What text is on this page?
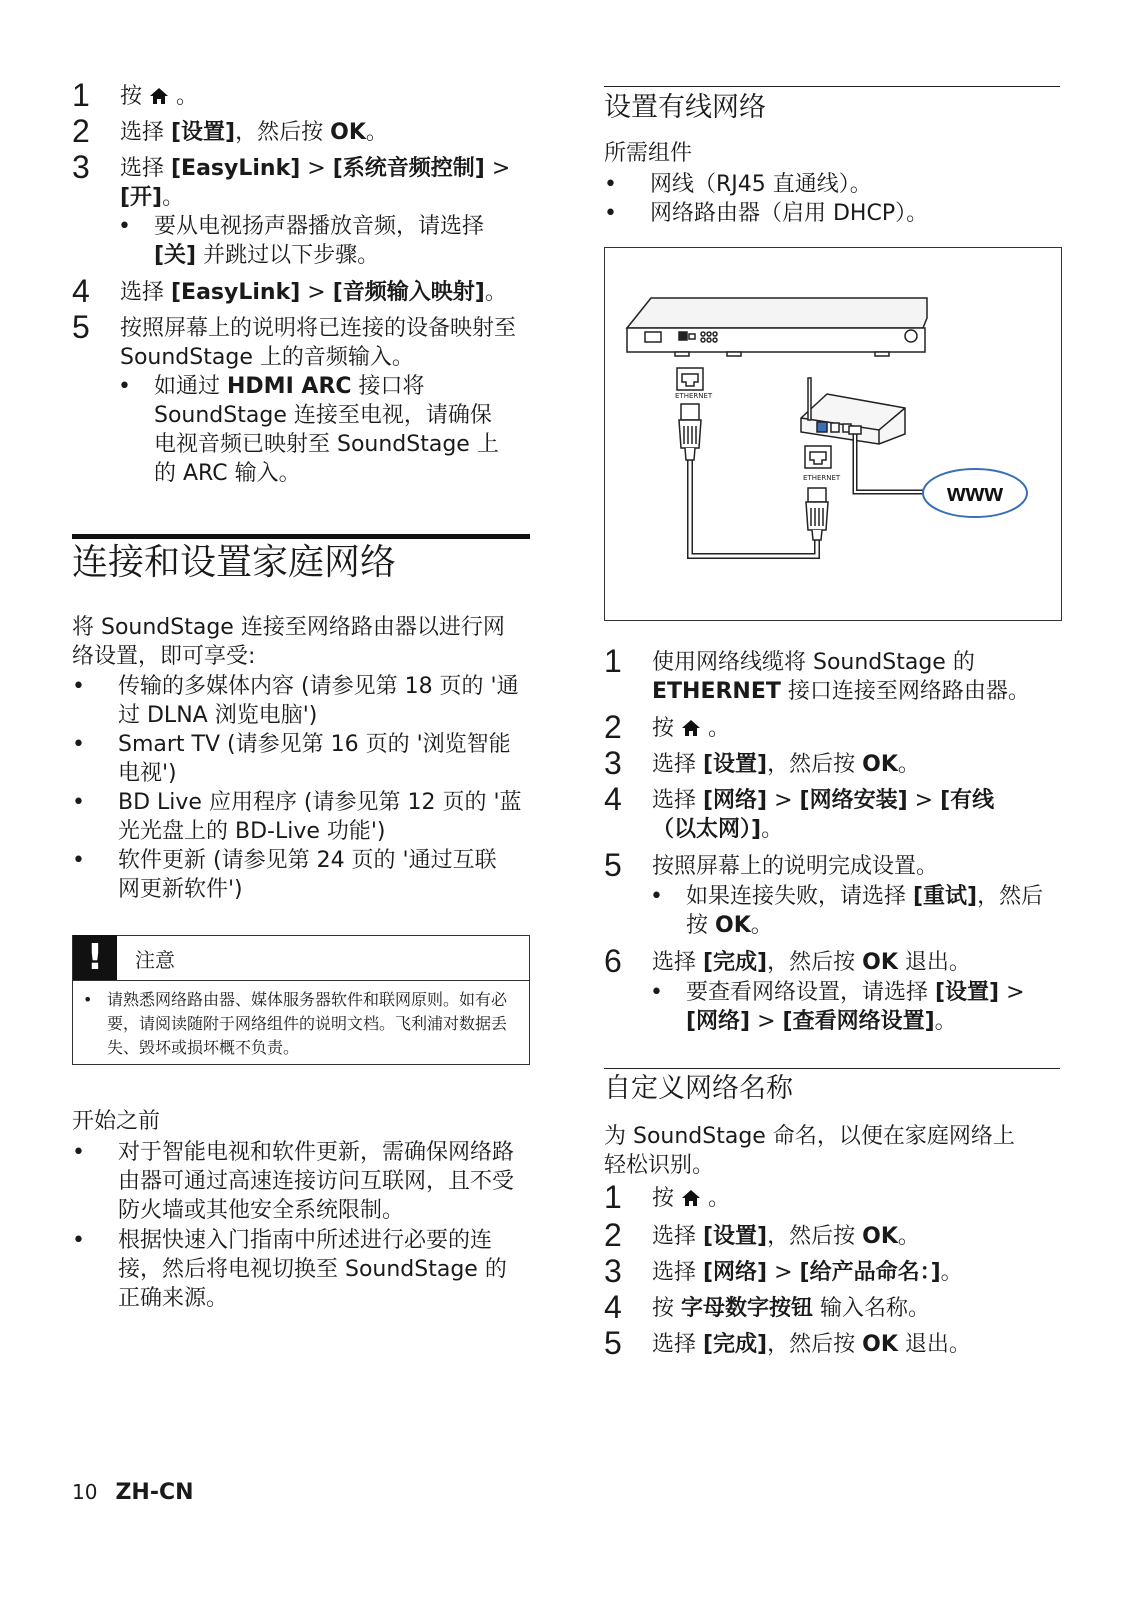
1 按  。
2 选择 [设置]，然后按 OK。
3 选择 [EasyLink] > [系统音频控制] > [开]。
• 要从电视扬声器播放音频，请选择 [关] 并跳过以下步骤。
4 选择 [EasyLink] > [音频输入映射]。
5 按照屏幕上的说明将已连接的设备映射至 SoundStage 上的音频输入。
• 如通过 HDMI ARC 接口将 SoundStage 连接至电视，请确保电视音频已映射至 SoundStage 上的 ARC 输入。
连接和设置家庭网络
将 SoundStage 连接至网络路由器以进行网络设置，即可享受:
• 传输的多媒体内容 (请参见第 18 页的 '通过 DLNA 浏览电脑')
• Smart TV (请参见第 16 页的 '浏览智能电视')
• BD Live 应用程序 (请参见第 12 页的 '蓝光光盘上的 BD-Live 功能')
• 软件更新 (请参见第 24 页的 '通过互联网更新软件')
!	注意
• 请熟悉网络路由器、媒体服务器软件和联网原则。如有必要，请阅读随附于网络组件的说明文档。飞利浦对数据丢失、毁坏或损坏概不负责。
开始之前
• 对于智能电视和软件更新，需确保网络路由器可通过高速连接访问互联网，且不受防火墙或其他安全系统限制。
• 根据快速入门指南中所述进行必要的连接，然后将电视切换至 SoundStage 的正确来源。
设置有线网络
所需组件
• 网线（RJ45 直通线）。
• 网络路由器（启用 DHCP）。
ETHERNET
ETHERNET
www
1 使用网络线缆将 SoundStage 的 ETHERNET 接口连接至网络路由器。
2 按  。
3 选择 [设置]，然后按 OK。
4 选择 [网络] > [网络安装] > [有线（以太网）]。
5 按照屏幕上的说明完成设置。
• 如果连接失败，请选择 [重试]，然后按 OK。
6 选择 [完成]，然后按 OK 退出。
• 要查看网络设置，请选择 [设置] > [网络] > [查看网络设置]。
自定义网络名称
为 SoundStage 命名，以便在家庭网络上轻松识别。
1 按  。
2 选择 [设置]，然后按 OK。
3 选择 [网络] > [给产品命名：]。
4 按 字母数字按钮 输入名称。
5 选择 [完成]，然后按 OK 退出。
10 ZH-CN
